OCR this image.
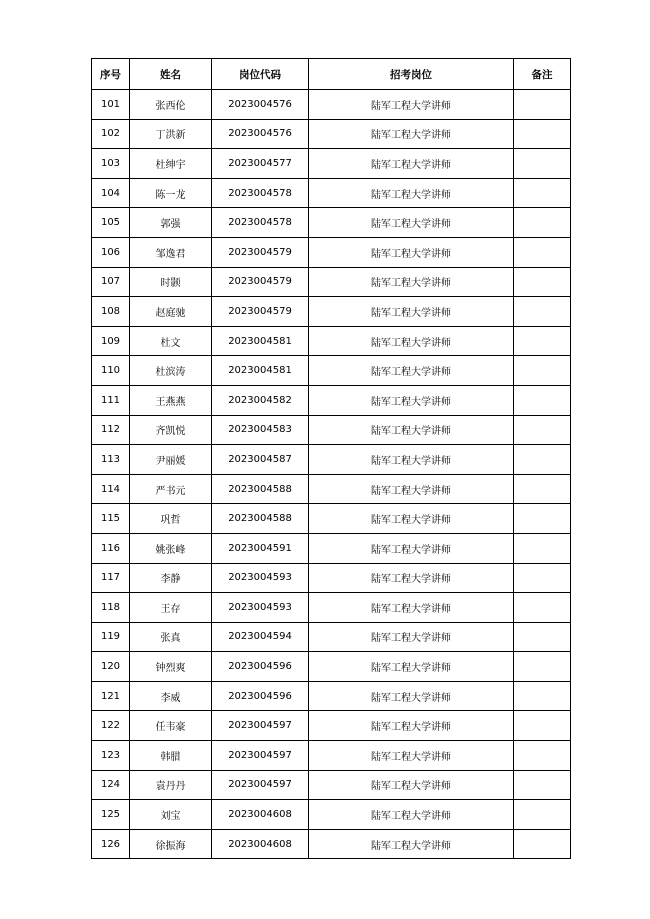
序号	姓名	岗位代码	招考岗位	备注
101	张西伦	2023004576	陆军工程大学讲师	
102	丁洪新	2023004576	陆军工程大学讲师	
103	杜绅宇	2023004577	陆军工程大学讲师	
104	陈一龙	2023004578	陆军工程大学讲师	
105	郭强	2023004578	陆军工程大学讲师	
106	邹逸君	2023004579	陆军工程大学讲师	
107	时颢	2023004579	陆军工程大学讲师	
108	赵庭驰	2023004579	陆军工程大学讲师	
109	杜文	2023004581	陆军工程大学讲师	
110	杜滨涛	2023004581	陆军工程大学讲师	
111	王燕燕	2023004582	陆军工程大学讲师	
112	齐凯悦	2023004583	陆军工程大学讲师	
113	尹丽媛	2023004587	陆军工程大学讲师	
114	严书元	2023004588	陆军工程大学讲师	
115	巩哲	2023004588	陆军工程大学讲师	
116	姚张峰	2023004591	陆军工程大学讲师	
117	李静	2023004593	陆军工程大学讲师	
118	王存	2023004593	陆军工程大学讲师	
119	张真	2023004594	陆军工程大学讲师	
120	钟烈爽	2023004596	陆军工程大学讲师	
121	李威	2023004596	陆军工程大学讲师	
122	任韦豪	2023004597	陆军工程大学讲师	
123	韩腊	2023004597	陆军工程大学讲师	
124	袁丹丹	2023004597	陆军工程大学讲师	
125	刘宝	2023004608	陆军工程大学讲师	
126	徐振海	2023004608	陆军工程大学讲师	
